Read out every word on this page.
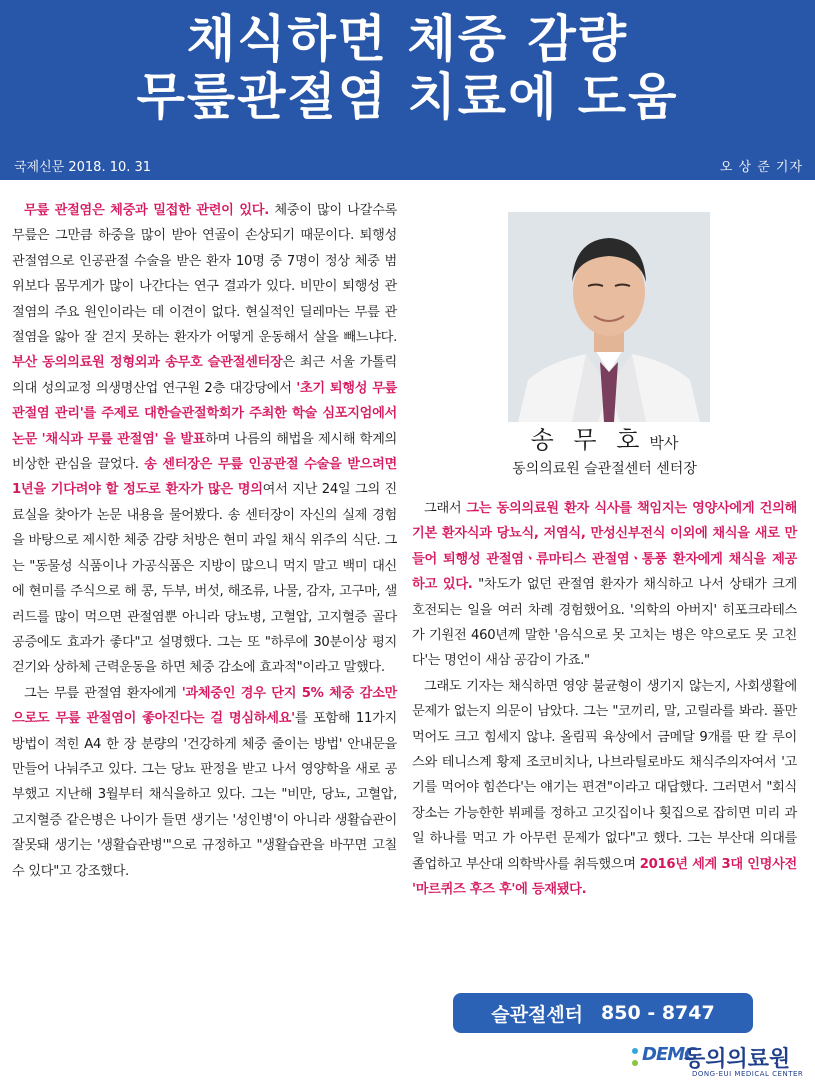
채식하면 체중 감량
무릎관절염 치료에 도움
국제신문 2018. 10. 31	오 상 준 기자

무릎 관절염은 체중과 밀접한 관련이 있다. 체중이 많이 나갈수록 무릎은 그만큼 하중을 많이 받아 연골이 손상되기 때문이다. 퇴행성 관절염으로 인공관절 수술을 받은 환자 10명 중 7명이 정상 체중 범위보다 몸무게가 많이 나간다는 연구 결과가 있다. 비만이 퇴행성 관절염의 주요 원인이라는 데 이견이 없다. 현실적인 딜레마는 무릎 관절염을 앓아 잘 걷지 못하는 환자가 어떻게 운동해서 살을 빼느냐다. 부산 동의의료원 정형외과 송무호 슬관절센터장은 최근 서울 가톨릭의대 성의교정 의생명산업 연구원 2층 대강당에서 '초기 퇴행성 무릎 관절염 관리'를 주제로 대한슬관절학회가 주최한 학술 심포지엄에서 논문 '채식과 무릎 관절염' 을 발표하며 나름의 해법을 제시해 학계의 비상한 관심을 끌었다. 송 센터장은 무릎 인공관절 수술을 받으려면 1년을 기다려야 할 정도로 환자가 많은 명의여서 지난 24일 그의 진료실을 찾아가 논문 내용을 물어봤다. 송 센터장이 자신의 실제 경험을 바탕으로 제시한 체중 감량 처방은 현미 과일 채식 위주의 식단. 그는 "동물성 식품이나 가공식품은 지방이 많으니 먹지 말고 백미 대신에 현미를 주식으로 해 콩, 두부, 버섯, 해조류, 나물, 감자, 고구마, 샐러드를 많이 먹으면 관절염뿐 아니라 당뇨병, 고혈압, 고지혈증 골다공증에도 효과가 좋다"고 설명했다. 그는 또 "하루에 30분이상 평지 걷기와 상하체 근력운동을 하면 체중 감소에 효과적"이라고 말했다.

그는 무릎 관절염 환자에게 '과체중인 경우 단지 5% 체중 감소만으로도 무릎 관절염이 좋아진다는 걸 명심하세요'를 포함해 11가지 방법이 적힌 A4 한 장 분량의 '건강하게 체중 줄이는 방법' 안내문을 만들어 나눠주고 있다. 그는 당뇨 판정을 받고 나서 영양학을 새로 공부했고 지난해 3월부터 채식을하고 있다. 그는 "비만, 당뇨, 고혈압, 고지혈증 같은병은 나이가 들면 생기는 '성인병'이 아니라 생활습관이 잘못돼 생기는 '생활습관병'"으로 규정하고 "생활습관을 바꾸면 고칠 수 있다"고 강조했다.

송 무 호 박사
동의의료원 슬관절센터 센터장

그래서 그는 동의의료원 환자 식사를 책임지는 영양사에게 건의해 기본 환자식과 당뇨식, 저염식, 만성신부전식 이외에 채식을 새로 만들어 퇴행성 관절염ㆍ류마티스 관절염ㆍ통풍 환자에게 채식을 제공하고 있다. "차도가 없던 관절염 환자가 채식하고 나서 상태가 크게 호전되는 일을 여러 차례 경험했어요. '의학의 아버지' 히포크라테스가 기원전 460년께 말한 '음식으로 못 고치는 병은 약으로도 못 고친다'는 명언이 새삼 공감이 가죠."

그래도 기자는 채식하면 영양 불균형이 생기지 않는지, 사회생활에 문제가 없는지 의문이 남았다. 그는 "코끼리, 말, 고릴라를 봐라. 풀만 먹어도 크고 힘세지 않냐. 올림픽 육상에서 금메달 9개를 딴 칼 루이스와 테니스계 황제 조코비치나, 나브라틸로바도 채식주의자여서 '고기를 먹어야 힘쓴다'는 얘기는 편견"이라고 대답했다. 그러면서 "회식장소는 가능한한 뷔페를 정하고 고깃집이나 횟집으로 잡히면 미리 과일 하나를 먹고 가 아무런 문제가 없다"고 했다. 그는 부산대 의대를 졸업하고 부산대 의학박사를 취득했으며 2016년 세계 3대 인명사전 '마르퀴즈 후즈 후'에 등재됐다.

슬관절센터 850 - 8747
DEMC
동의의료원
DONG-EUI MEDICAL CENTER
